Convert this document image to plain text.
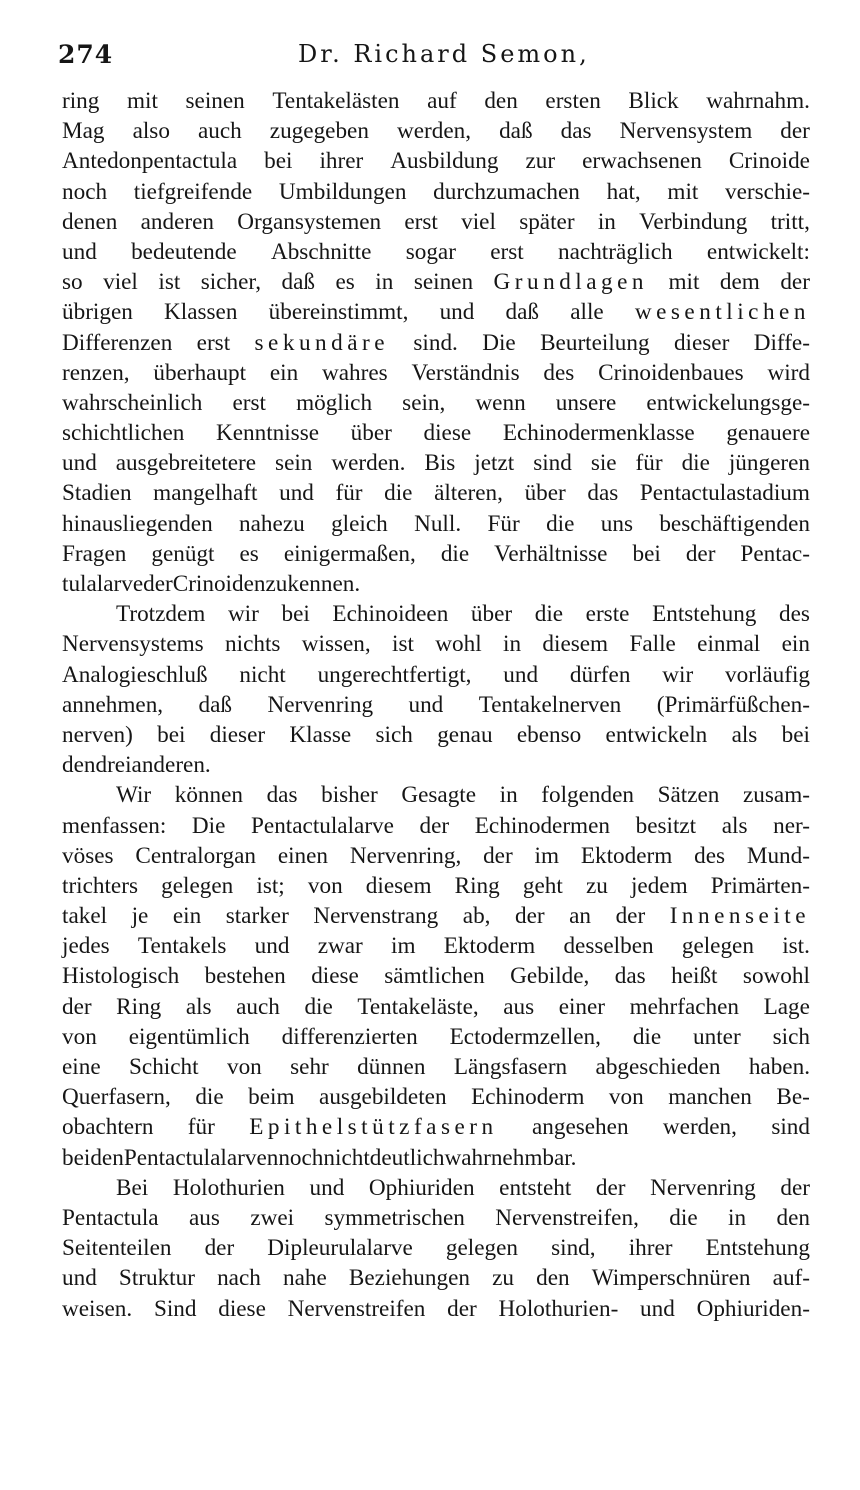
274	Dr. Richard Semon,
ring mit seinen Tentakelästen auf den ersten Blick wahrnahm.
Mag also auch zugegeben werden, daß das Nervensystem der
Antedonpentactula bei ihrer Ausbildung zur erwachsenen Crinoide
noch tiefgreifende Umbildungen durchzumachen hat, mit verschie-
denen anderen Organsystemen erst viel später in Verbindung tritt,
und bedeutende Abschnitte sogar erst nachträglich entwickelt:
so viel ist sicher, daß es in seinen Grundlagen mit dem der
übrigen Klassen übereinstimmt, und daß alle wesentlichen
Differenzen erst sekundäre sind. Die Beurteilung dieser Diffe-
renzen, überhaupt ein wahres Verständnis des Crinoidenbaues wird
wahrscheinlich erst möglich sein, wenn unsere entwickelungsge-
schichtlichen Kenntnisse über diese Echinodermenklasse genauere
und ausgebreitetere sein werden. Bis jetzt sind sie für die jüngeren
Stadien mangelhaft und für die älteren, über das Pentactulastadium
hinausliegenden nahezu gleich Null. Für die uns beschäftigenden
Fragen genügt es einigermaßen, die Verhältnisse bei der Pentac-
tulalarve der Crinoiden zu kennen.
Trotzdem wir bei Echinoideen über die erste Entstehung des
Nervensystems nichts wissen, ist wohl in diesem Falle einmal ein
Analogieschluß nicht ungerechtfertigt, und dürfen wir vorläufig
annehmen, daß Nervenring und Tentakelnerven (Primärfüßchen-
nerven) bei dieser Klasse sich genau ebenso entwickeln als bei
den drei anderen.
Wir können das bisher Gesagte in folgenden Sätzen zusam-
menfassen: Die Pentactulalarve der Echinodermen besitzt als ner-
vöses Centralorgan einen Nervenring, der im Ektoderm des Mund-
trichters gelegen ist; von diesem Ring geht zu jedem Primärten-
takel je ein starker Nervenstrang ab, der an der Innenseite
jedes Tentakels und zwar im Ektoderm desselben gelegen ist.
Histologisch bestehen diese sämtlichen Gebilde, das heißt sowohl
der Ring als auch die Tentakeläste, aus einer mehrfachen Lage
von eigentümlich differenzierten Ectodermzellen, die unter sich
eine Schicht von sehr dünnen Längsfasern abgeschieden haben.
Querfasern, die beim ausgebildeten Echinoderm von manchen Be-
obachtern für Epithelstützfasern angesehen werden, sind
bei den Pentactulalarven noch nicht deutlich wahrnehmbar.
Bei Holothurien und Ophiuriden entsteht der Nervenring der
Pentactula aus zwei symmetrischen Nervenstreifen, die in den
Seitenteilen der Dipleurulalarve gelegen sind, ihrer Entstehung
und Struktur nach nahe Beziehungen zu den Wimperschnüren auf-
weisen. Sind diese Nervenstreifen der Holothurien- und Ophiuriden-
